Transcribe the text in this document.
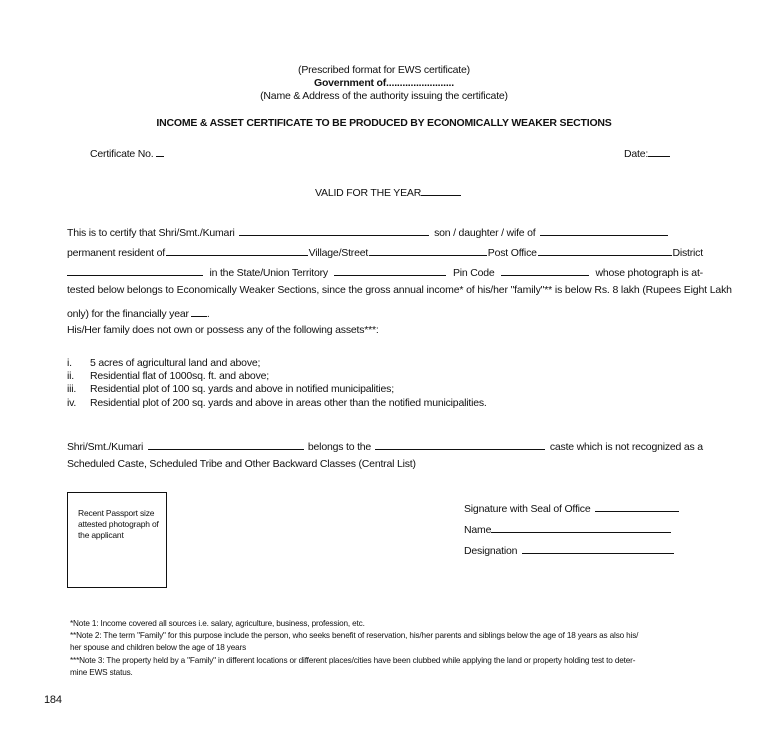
(Prescribed format for EWS certificate)
Government of.........................
(Name & Address of the authority issuing the certificate)
INCOME & ASSET CERTIFICATE TO BE PRODUCED BY ECONOMICALLY WEAKER SECTIONS
Certificate No.	Date:
VALID FOR THE YEAR
This is to certify that Shri/Smt./Kumari	son / daughter / wife of
permanent resident of	Village/Street	Post Office	District
in the State/Union Territory	Pin Code	whose photograph is at-
tested below belongs to Economically Weaker Sections, since the gross annual income* of his/her "family"** is below Rs. 8 lakh (Rupees Eight Lakh
only) for the financially year .
His/Her family does not own or possess any of the following assets***:
i. 5 acres of agricultural land and above;
ii. Residential flat of 1000sq. ft. and above;
iii. Residential plot of 100 sq. yards and above in notified municipalities;
iv. Residential plot of 200 sq. yards and above in areas other than the notified municipalities.
Shri/Smt./Kumari	belongs to the	caste which is not recognized as a
Scheduled Caste, Scheduled Tribe and Other Backward Classes (Central List)
Recent Passport size attested photograph of the applicant
Signature with Seal of Office
Name
Designation
*Note 1: Income covered all sources i.e. salary, agriculture, business, profession, etc.
**Note 2: The term "Family" for this purpose include the person, who seeks benefit of reservation, his/her parents and siblings below the age of 18 years as also his/
her spouse and children below the age of 18 years
***Note 3: The property held by a "Family" in different locations or different places/cities have been clubbed while applying the land or property holding test to deter-
mine EWS status.
184
